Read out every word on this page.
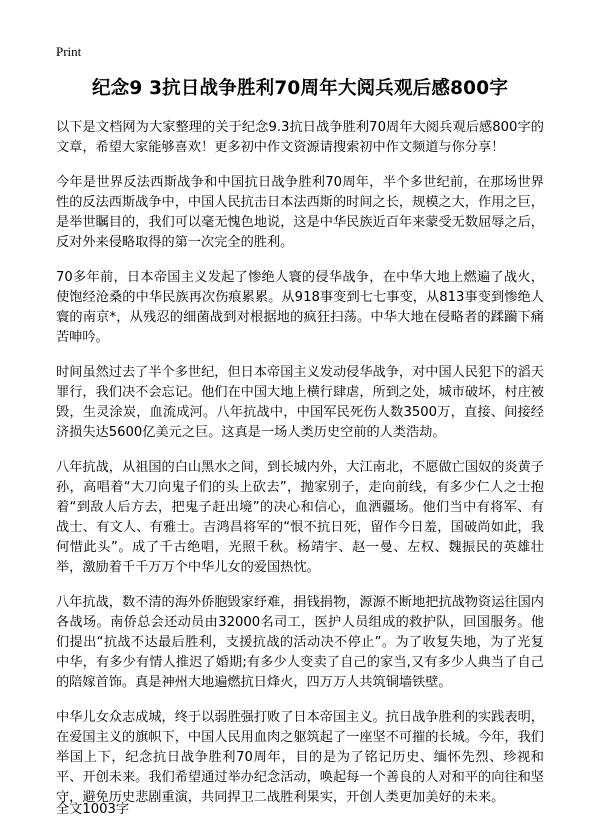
Print
纪念9 3抗日战争胜利70周年大阅兵观后感800字

以下是文档网为大家整理的关于纪念9.3抗日战争胜利70周年大阅兵观后感800字的文章，希望大家能够喜欢！更多初中作文资源请搜索初中作文频道与你分享！

今年是世界反法西斯战争和中国抗日战争胜利70周年，半个多世纪前，在那场世界性的反法西斯战争中，中国人民抗击日本法西斯的时间之长，规模之大，作用之巨，是举世瞩目的，我们可以毫无愧色地说，这是中华民族近百年来蒙受无数屈辱之后，反对外来侵略取得的第一次完全的胜利。

70多年前，日本帝国主义发起了惨绝人寰的侵华战争，在中华大地上燃遍了战火，使饱经沧桑的中华民族再次伤痕累累。从918事变到七七事变，从813事变到惨绝人寰的南京*，从残忍的细菌战到对根据地的疯狂扫荡。中华大地在侵略者的蹂躏下痛苦呻吟。

时间虽然过去了半个多世纪，但日本帝国主义发动侵华战争，对中国人民犯下的滔天罪行，我们决不会忘记。他们在中国大地上横行肆虐，所到之处，城市破坏，村庄被毁，生灵涂炭，血流成河。八年抗战中，中国军民死伤人数3500万，直接、间接经济损失达5600亿美元之巨。这真是一场人类历史空前的人类浩劫。

八年抗战，从祖国的白山黑水之间，到长城内外，大江南北，不愿做亡国奴的炎黄子孙，高唱着“大刀向鬼子们的头上砍去”，抛家别子，走向前线，有多少仁人之士抱着“到敌人后方去，把鬼子赶出境”的决心和信心，血洒疆场。他们当中有将军、有战士、有文人、有雅士。吉鸿昌将军的“恨不抗日死，留作今日羞，国破尚如此，我何惜此头”。成了千古绝唱，光照千秋。杨靖宇、赵一曼、左权、魏振民的英雄壮举，激励着千千万万个中华儿女的爱国热忱。

八年抗战，数不清的海外侨胞毁家纾难，捐钱捐物，源源不断地把抗战物资运往国内各战场。南侨总会还动员由32000名司工，医护人员组成的救护队，回国服务。他们提出“抗战不达最后胜利，支援抗战的活动决不停止”。为了收复失地，为了光复中华，有多少有情人推迟了婚期;有多少人变卖了自己的家当,又有多少人典当了自己的陪嫁首饰。真是神州大地遍燃抗日烽火，四万万人共筑铜墙铁壁。

中华儿女众志成城，终于以弱胜强打败了日本帝国主义。抗日战争胜利的实践表明，在爱国主义的旗帜下，中国人民用血肉之躯筑起了一座坚不可摧的长城。今年，我们举国上下，纪念抗日战争胜利70周年，目的是为了铭记历史、缅怀先烈、珍视和平、开创未来。我们希望通过举办纪念活动，唤起每一个善良的人对和平的向往和坚守，避免历史悲剧重演，共同捍卫二战胜利果实，开创人类更加美好的未来。

全文1003字
